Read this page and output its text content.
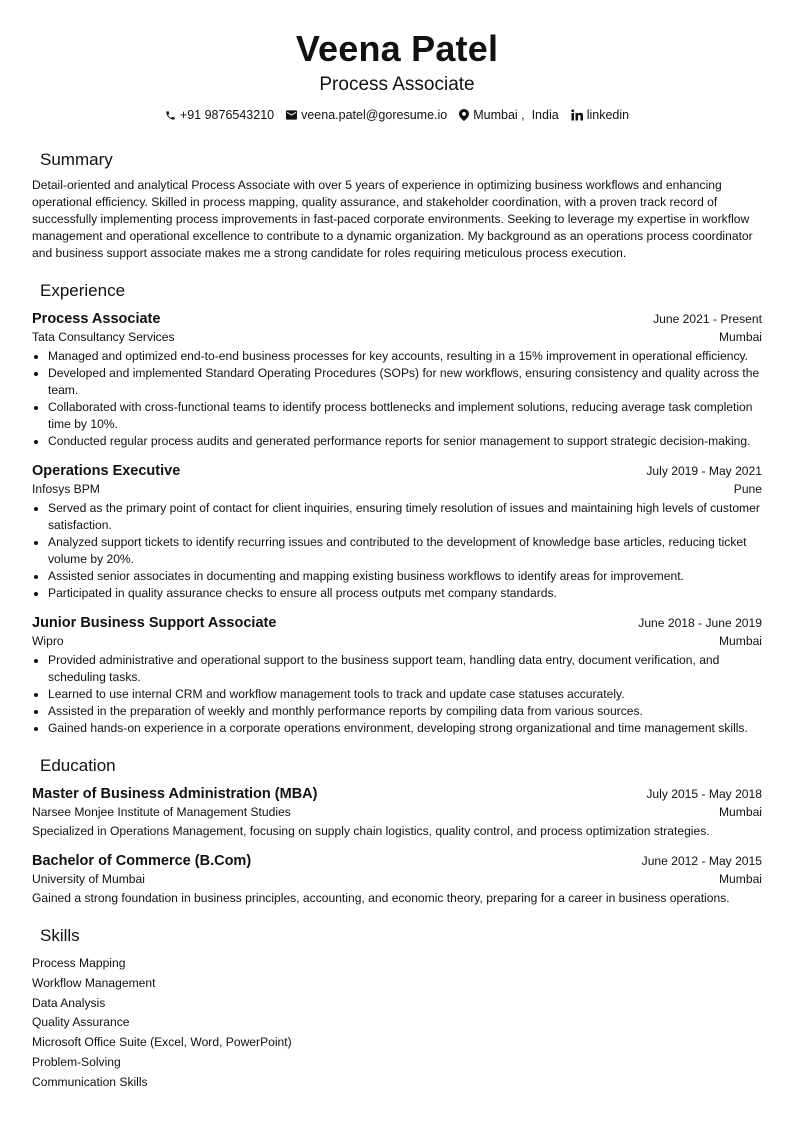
Veena Patel
Process Associate
+91 9876543210 veena.patel@goresume.io Mumbai ,  India linkedin
Summary
Detail-oriented and analytical Process Associate with over 5 years of experience in optimizing business workflows and enhancing operational efficiency. Skilled in process mapping, quality assurance, and stakeholder coordination, with a proven track record of successfully implementing process improvements in fast-paced corporate environments. Seeking to leverage my expertise in workflow management and operational excellence to contribute to a dynamic organization. My background as an operations process coordinator and business support associate makes me a strong candidate for roles requiring meticulous process execution.
Experience
Process Associate	June 2021 - Present
Tata Consultancy Services	Mumbai
Managed and optimized end-to-end business processes for key accounts, resulting in a 15% improvement in operational efficiency.
Developed and implemented Standard Operating Procedures (SOPs) for new workflows, ensuring consistency and quality across the team.
Collaborated with cross-functional teams to identify process bottlenecks and implement solutions, reducing average task completion time by 10%.
Conducted regular process audits and generated performance reports for senior management to support strategic decision-making.
Operations Executive	July 2019 - May 2021
Infosys BPM	Pune
Served as the primary point of contact for client inquiries, ensuring timely resolution of issues and maintaining high levels of customer satisfaction.
Analyzed support tickets to identify recurring issues and contributed to the development of knowledge base articles, reducing ticket volume by 20%.
Assisted senior associates in documenting and mapping existing business workflows to identify areas for improvement.
Participated in quality assurance checks to ensure all process outputs met company standards.
Junior Business Support Associate	June 2018 - June 2019
Wipro	Mumbai
Provided administrative and operational support to the business support team, handling data entry, document verification, and scheduling tasks.
Learned to use internal CRM and workflow management tools to track and update case statuses accurately.
Assisted in the preparation of weekly and monthly performance reports by compiling data from various sources.
Gained hands-on experience in a corporate operations environment, developing strong organizational and time management skills.
Education
Master of Business Administration (MBA)	July 2015 - May 2018
Narsee Monjee Institute of Management Studies	Mumbai
Specialized in Operations Management, focusing on supply chain logistics, quality control, and process optimization strategies.
Bachelor of Commerce (B.Com)	June 2012 - May 2015
University of Mumbai	Mumbai
Gained a strong foundation in business principles, accounting, and economic theory, preparing for a career in business operations.
Skills
Process Mapping
Workflow Management
Data Analysis
Quality Assurance
Microsoft Office Suite (Excel, Word, PowerPoint)
Problem-Solving
Communication Skills
